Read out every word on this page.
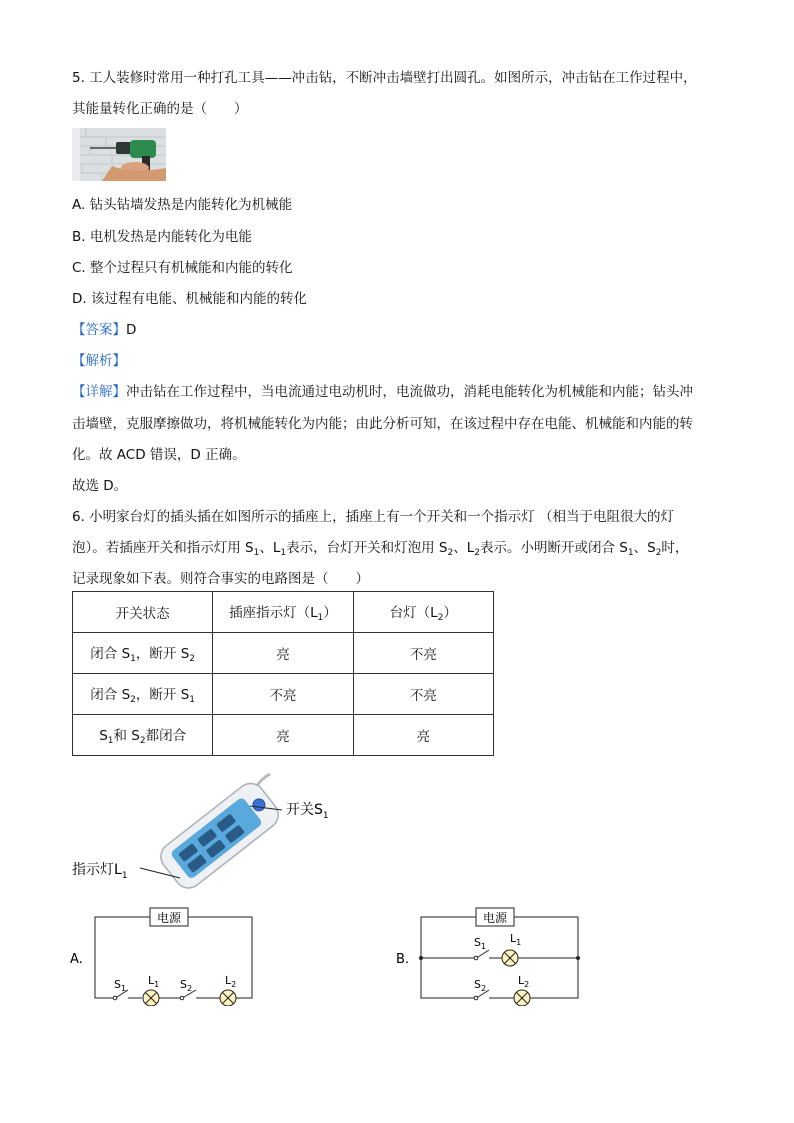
5. 工人装修时常用一种打孔工具——冲击钻，不断冲击墙壁打出圆孔。如图所示，冲击钻在工作过程中，
其能量转化正确的是（　　）
A. 钻头钻墙发热是内能转化为机械能
B. 电机发热是内能转化为电能
C. 整个过程只有机械能和内能的转化
D. 该过程有电能、机械能和内能的转化
【答案】D
【解析】
【详解】冲击钻在工作过程中，当电流通过电动机时，电流做功，消耗电能转化为机械能和内能；钻头冲
击墙壁，克服摩擦做功，将机械能转化为内能；由此分析可知，在该过程中存在电能、机械能和内能的转
化。故 ACD 错误，D 正确。
故选 D。
6. 小明家台灯的插头插在如图所示的插座上，插座上有一个开关和一个指示灯 （相当于电阻很大的灯
泡）。若插座开关和指示灯用 $S_1$、$L_1$表示，台灯开关和灯泡用 $S_2$、$L_2$表示。小明断开或闭合 $S_1$、$S_2$时，
记录现象如下表。则符合事实的电路图是（　　）
开关状态	插座指示灯$(L_1)$	台灯$(L_2)$
闭合 $S_1$，断开 $S_2$	亮	不亮
闭合 $S_2$，断开 $S_1$	不亮	不亮
$S_1$和 $S_2$都闭合	亮	亮
开关$S_1$
指示灯$L_1$
A.
电源
$S_1$
$L_1$ $S_2$
$L_2$
B.
电源
$S_1$
$L_1$
$S_2$
$L_2$
